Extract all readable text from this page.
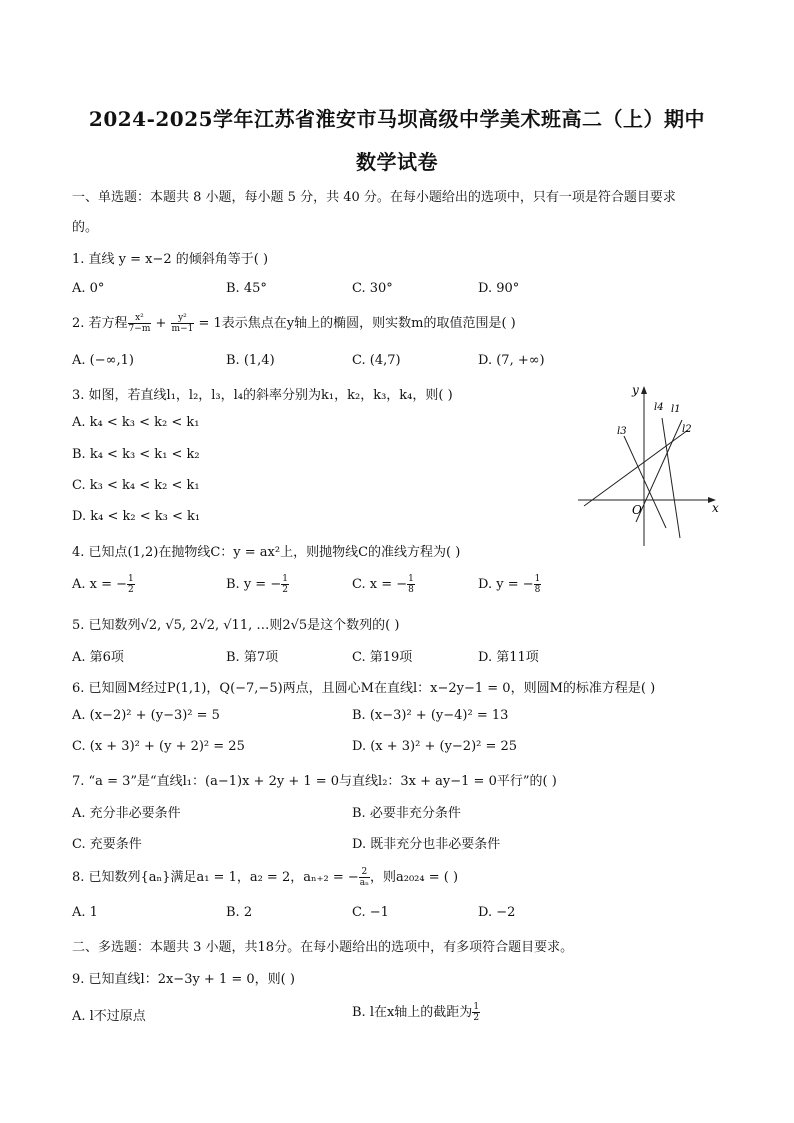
2024-2025学年江苏省淮安市马坝高级中学美术班高二（上）期中
数学试卷
一、单选题：本题共 8 小题，每小题 5 分，共 40 分。在每小题给出的选项中，只有一项是符合题目要求
的。
1. 直线 y = x−2 的倾斜角等于( )
A. 0°	B. 45°	C. 30°	D. 90°
2. 若方程 $\frac{\text{x²}}{7-m} + \frac{\text{y²}}{m-1} = 1$表示焦点在y轴上的椭圆，则实数m的取值范围是( )
A. (−∞,1)	B. (1,4)	C. (4,7)	D. (7, +∞)
3. 如图，若直线l₁，l₂，l₃，l₄的斜率分别为k₁，k₂，k₃，k₄，则( )
A. k₄ < k₃ < k₂ < k₁
B. k₄ < k₃ < k₁ < k₂
C. k₃ < k₄ < k₂ < k₁
D. k₄ < k₂ < k₃ < k₁
x
y
O
l1
l2
l3
l4
4. 已知点(1,2)在抛物线C：y = ax²上，则抛物线C的准线方程为( )
A. x = − $\frac{1}{2}$	B. y = − $\frac{1}{2}$	C. x = − $\frac{1}{8}$	D. y = − $\frac{1}{8}$
5. 已知数列√2, √5, 2√2, √11, …则2√5是这个数列的( )
A. 第6项	B. 第7项	C. 第19项	D. 第11项
6. 已知圆M经过P(1,1)，Q(−7,−5)两点，且圆心M在直线l：x−2y−1 = 0，则圆M的标准方程是( )
A. (x−2)² + (y−3)² = 5	B. (x−3)² + (y−4)² = 13
C. (x + 3)² + (y + 2)² = 25	D. (x + 3)² + (y−2)² = 25
7. “a = 3”是“直线l₁：(a−1)x + 2y + 1 = 0与直线l₂：3x + ay−1 = 0平行”的( )
A. 充分非必要条件	B. 必要非充分条件
C. 充要条件	D. 既非充分也非必要条件
8. 已知数列{aₙ}满足a₁ = 1，a₂ = 2，aₙ₊₂ = − $\frac{2}{\text{aₙ}}$ ，则a₂₀₂₄ = ( )
A. 1	B. 2	C. −1	D. −2
二、多选题：本题共 3 小题，共18分。在每小题给出的选项中，有多项符合题目要求。
9. 已知直线l：2x−3y + 1 = 0，则( )
A. l不过原点	B. l在x轴上的截距为 $\frac{1}{2}$
